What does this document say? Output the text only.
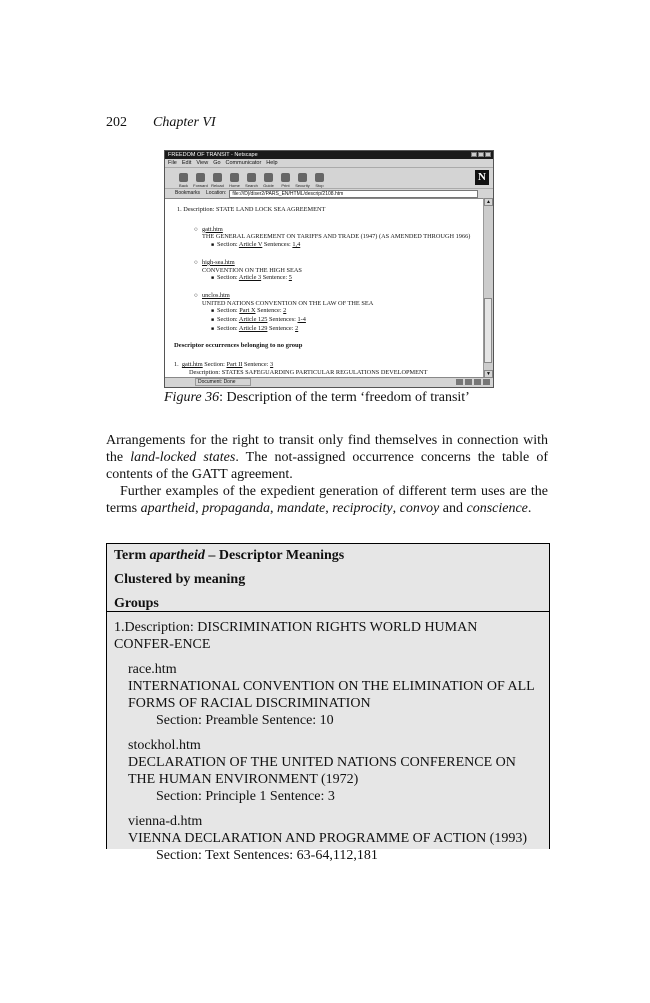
202 Chapter VI
FREEDOM OF TRANSIT - Netscape
File Edit View Go Communicator Help
Back	Forward Reload	Home	Search	Guide	Print	Security	Stop
N
Bookmarks Location:	file:///D|/diser2/PARS_EN/HTML/descrip/2108.htm
1. Description: STATE LAND LOCK SEA AGREEMENT
○ gatt.htm
THE GENERAL AGREEMENT ON TARIFFS AND TRADE (1947) (AS AMENDED THROUGH 1966)
■ Section: Article V Sentences: 1,4
○ high-sea.htm
CONVENTION ON THE HIGH SEAS
■ Section: Article 3 Sentence: 5
○ unclos.htm
UNITED NATIONS CONVENTION ON THE LAW OF THE SEA
■ Section: Part X Sentence: 2
■ Section: Article 125 Sentences: 1-4
■ Section: Article 129 Sentence: 2
Descriptor occurrences belonging to no group
1.  gatt.htm Section: Part II Sentence: 3
Description: STATES SAFEGUARDING PARTICULAR REGULATIONS DEVELOPMENT
▲
▼
Document: Done
Figure 36: Description of the term ‘freedom of transit’
Arrangements for the right to transit only find themselves in connection with the land-locked states. The not-assigned occurrence concerns the table of contents of the GATT agreement.
Further examples of the expedient generation of different term uses are the terms apartheid, propaganda, mandate, reciprocity, convoy and conscience.
Term apartheid – Descriptor Meanings
Clustered by meaning
Groups
1.Description: DISCRIMINATION RIGHTS WORLD HUMAN CONFER-ENCE
race.htm
INTERNATIONAL CONVENTION ON THE ELIMINATION OF ALL FORMS OF RACIAL DISCRIMINATION
Section: Preamble Sentence: 10
stockhol.htm
DECLARATION OF THE UNITED NATIONS CONFERENCE ON THE HUMAN ENVIRONMENT (1972)
Section: Principle 1 Sentence: 3
vienna-d.htm
VIENNA DECLARATION AND PROGRAMME OF ACTION (1993)
Section: Text Sentences: 63-64,112,181
